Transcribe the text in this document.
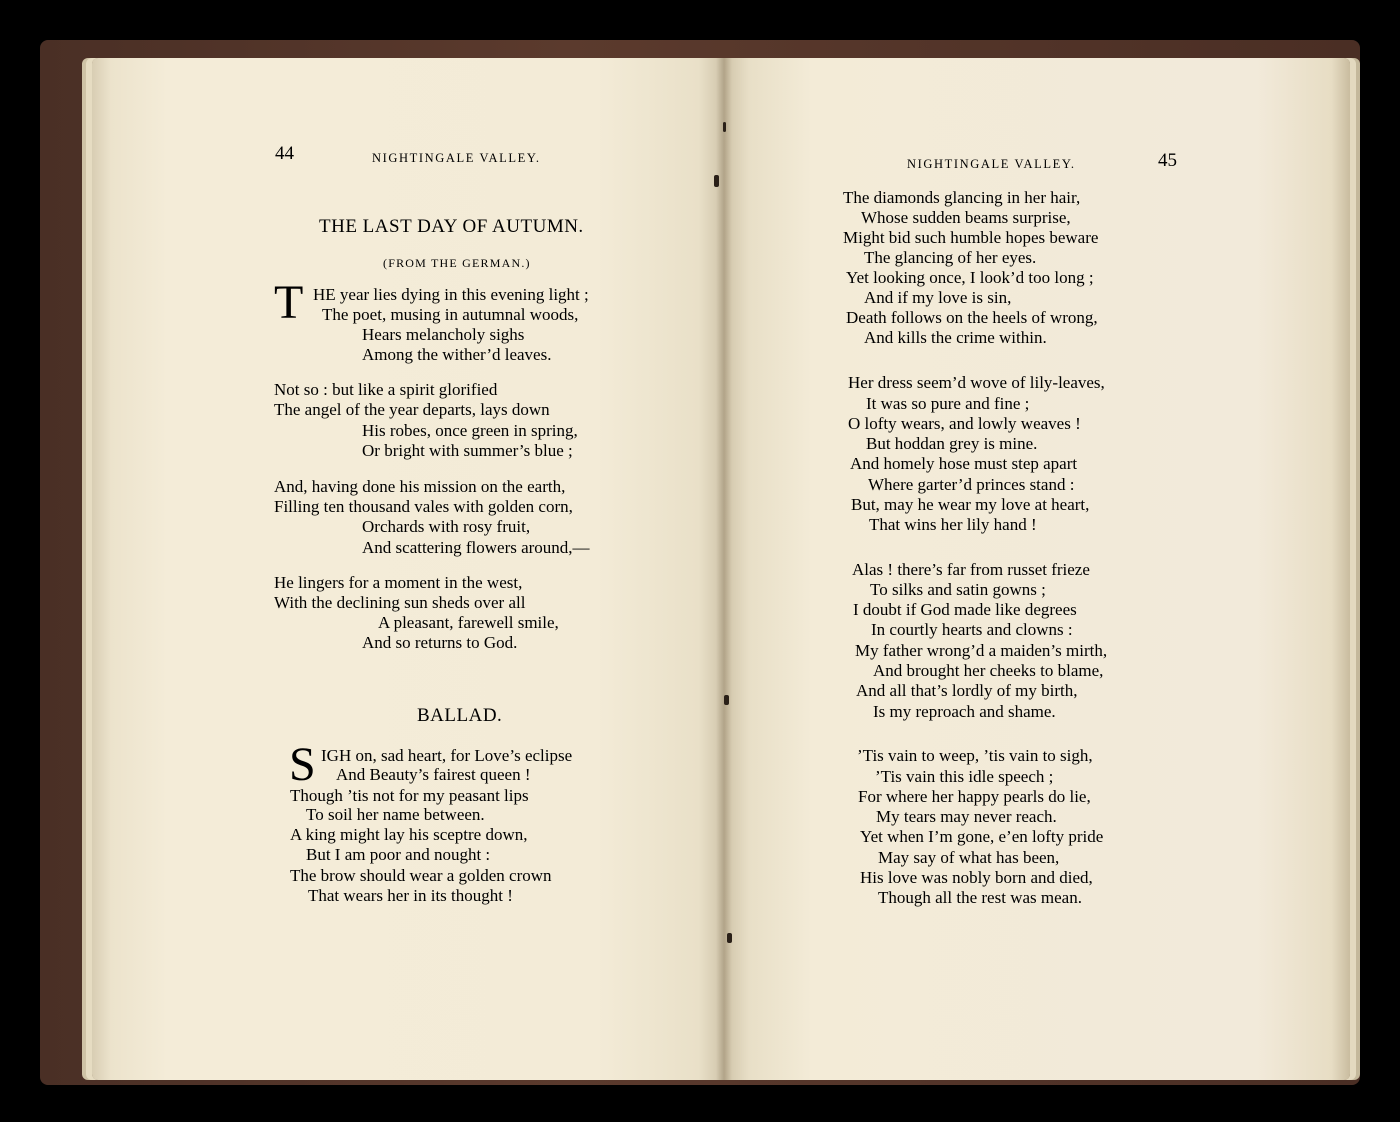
44	NIGHTINGALE VALLEY.
THE LAST DAY OF AUTUMN.
(FROM THE GERMAN.)
T HE year lies dying in this evening light ;
The poet, musing in autumnal woods,
Hears melancholy sighs
Among the wither’d leaves.
Not so : but like a spirit glorified
The angel of the year departs, lays down
His robes, once green in spring,
Or bright with summer’s blue ;
And, having done his mission on the earth,
Filling ten thousand vales with golden corn,
Orchards with rosy fruit,
And scattering flowers around,—
He lingers for a moment in the west,
With the declining sun sheds over all
A pleasant, farewell smile,
And so returns to God.
BALLAD.
S IGH on, sad heart, for Love’s eclipse
And Beauty’s fairest queen !
Though ’tis not for my peasant lips
To soil her name between.
A king might lay his sceptre down,
But I am poor and nought :
The brow should wear a golden crown
That wears her in its thought !
NIGHTINGALE VALLEY.	45
The diamonds glancing in her hair,
Whose sudden beams surprise,
Might bid such humble hopes beware
The glancing of her eyes.
Yet looking once, I look’d too long ;
And if my love is sin,
Death follows on the heels of wrong,
And kills the crime within.
Her dress seem’d wove of lily-leaves,
It was so pure and fine ;
O lofty wears, and lowly weaves !
But hoddan grey is mine.
And homely hose must step apart
Where garter’d princes stand :
But, may he wear my love at heart,
That wins her lily hand !
Alas ! there’s far from russet frieze
To silks and satin gowns ;
I doubt if God made like degrees
In courtly hearts and clowns :
My father wrong’d a maiden’s mirth,
And brought her cheeks to blame,
And all that’s lordly of my birth,
Is my reproach and shame.
’Tis vain to weep, ’tis vain to sigh,
’Tis vain this idle speech ;
For where her happy pearls do lie,
My tears may never reach.
Yet when I’m gone, e’en lofty pride
May say of what has been,
His love was nobly born and died,
Though all the rest was mean.
